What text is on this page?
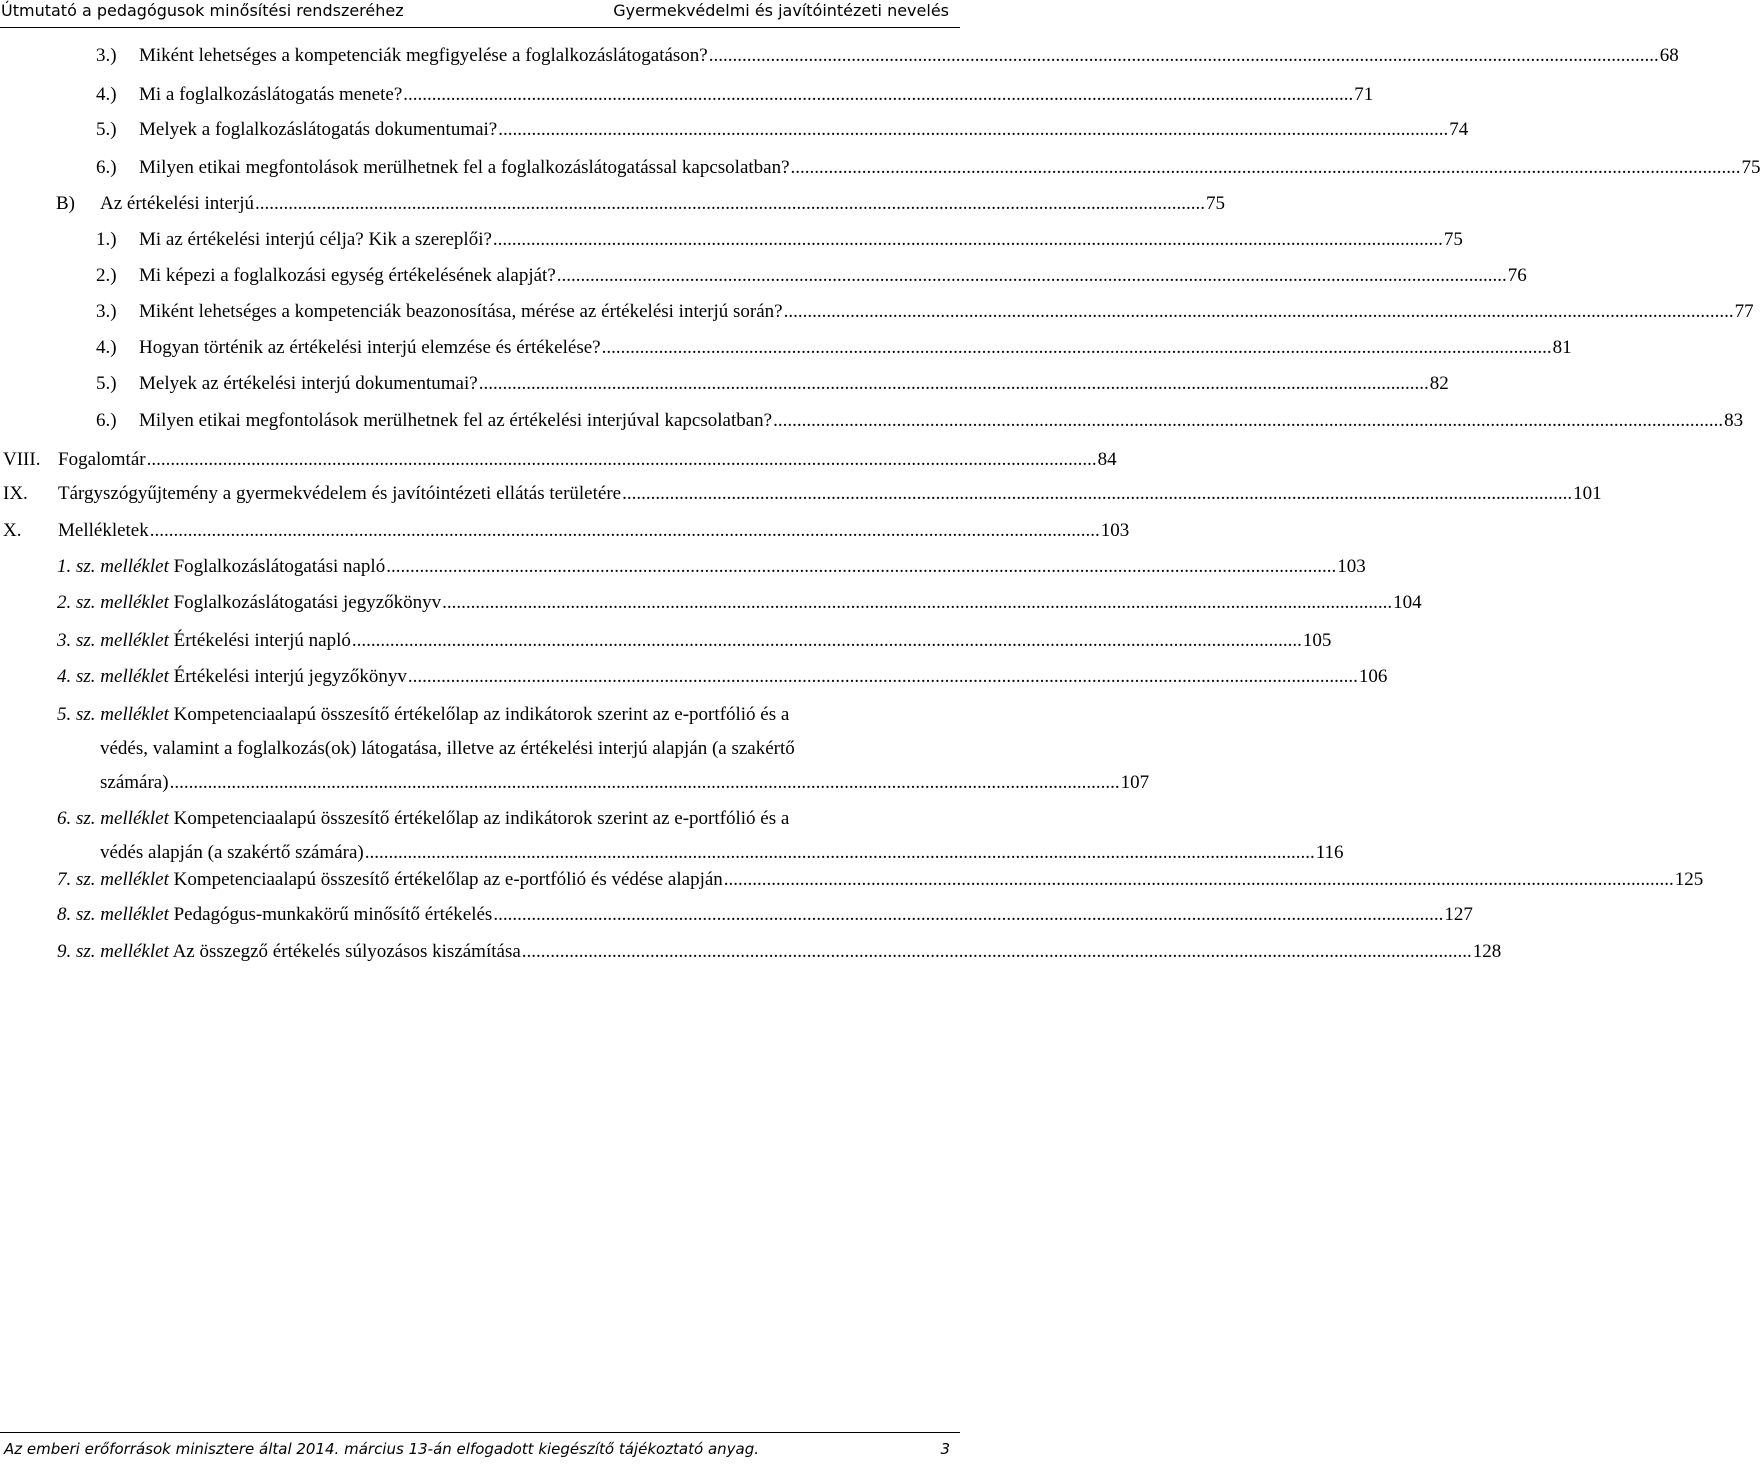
Útmutató a pedagógusok minősítési rendszeréhez	Gyermekvédelmi és javítóintézeti nevelés
3.) Miként lehetséges a kompetenciák megfigyelése a foglalkozáslátogatáson? ........................................................................................................................................................................................................ 68
4.) Mi a foglalkozáslátogatás menete? ........................................................................................................................................................................................................ 71
5.) Melyek a foglalkozáslátogatás dokumentumai? ........................................................................................................................................................................................................ 74
6.) Milyen etikai megfontolások merülhetnek fel a foglalkozáslátogatással kapcsolatban? ........................................................................................................................................................................................................ 75
B) Az értékelési interjú ........................................................................................................................................................................................................ 75
1.) Mi az értékelési interjú célja? Kik a szereplői? ........................................................................................................................................................................................................ 75
2.) Mi képezi a foglalkozási egység értékelésének alapját? ........................................................................................................................................................................................................ 76
3.) Miként lehetséges a kompetenciák beazonosítása, mérése az értékelési interjú során? ........................................................................................................................................................................................................ 77
4.) Hogyan történik az értékelési interjú elemzése és értékelése? ........................................................................................................................................................................................................ 81
5.) Melyek az értékelési interjú dokumentumai? ........................................................................................................................................................................................................ 82
6.) Milyen etikai megfontolások merülhetnek fel az értékelési interjúval kapcsolatban? ........................................................................................................................................................................................................ 83
VIII. Fogalomtár ........................................................................................................................................................................................................ 84
IX. Tárgyszógyűjtemény a gyermekvédelem és javítóintézeti ellátás területére ........................................................................................................................................................................................................ 101
X. Mellékletek ........................................................................................................................................................................................................ 103
1. sz. melléklet Foglalkozáslátogatási napló ........................................................................................................................................................................................................ 103
2. sz. melléklet Foglalkozáslátogatási jegyzőkönyv ........................................................................................................................................................................................................ 104
3. sz. melléklet Értékelési interjú napló ........................................................................................................................................................................................................ 105
4. sz. melléklet Értékelési interjú jegyzőkönyv ........................................................................................................................................................................................................ 106
5. sz. melléklet Kompetenciaalapú összesítő értékelőlap az indikátorok szerint az e-portfólió és a
védés, valamint a foglalkozás(ok) látogatása, illetve az értékelési interjú alapján (a szakértő
számára) ........................................................................................................................................................................................................ 107
6. sz. melléklet Kompetenciaalapú összesítő értékelőlap az indikátorok szerint az e-portfólió és a
védés alapján (a szakértő számára) ........................................................................................................................................................................................................ 116
7. sz. melléklet Kompetenciaalapú összesítő értékelőlap az e-portfólió és védése alapján ........................................................................................................................................................................................................ 125
8. sz. melléklet Pedagógus-munkakörű minősítő értékelés ........................................................................................................................................................................................................ 127
9. sz. melléklet Az összegző értékelés súlyozásos kiszámítása ........................................................................................................................................................................................................ 128
Az emberi erőforrások minisztere által 2014. március 13-án elfogadott kiegészítő tájékoztató anyag.	3
